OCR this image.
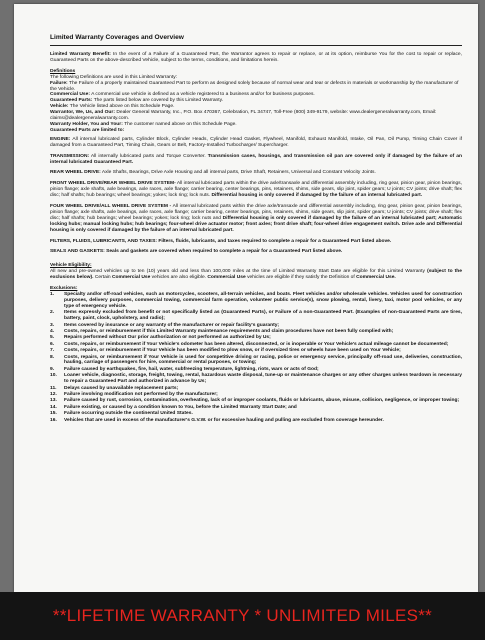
Limited Warranty Coverages and Overview

Limited Warranty Benefit: In the event of a Failure of a Guaranteed Part, the Warrantor agrees to repair or replace, or at its option, reimburse You for the cost to repair or replace, Guaranteed Parts on the above-described Vehicle, subject to the terms, conditions, and limitations herein.

Definitions
The following Definitions are used in this Limited Warranty:
Failure: The Failure of a properly maintained Guaranteed Part to perform as designed solely because of normal wear and tear or defects in materials or workmanship by the manufacturer of the Vehicle.
Commercial Use: A commercial use vehicle is defined as a vehicle registered to a business and/or for business purposes.
Guaranteed Parts: The parts listed below are covered by this Limited Warranty.
Vehicle: The Vehicle listed above on this Schedule Page.
Warrantor, We, Us, and Our: Dealer General Warranty, Inc., P.O. Box 470367, Celebration, FL 34747, Toll-Free (800) 349-9179, website: www.dealergeneralwarranty.com, Email: claims@dealergeneralwarranty.com.
Warranty Holder, You and Your: The customer named above on this Schedule Page.
Guaranteed Parts are limited to:

ENGINE: All internal lubricated parts, Cylinder Block, Cylinder Heads, Cylinder Head Gasket, Flywheel, Manifold, Exhaust Manifold, Intake, Oil Pan, Oil Pump, Timing Chain Cover if damaged from a Guaranteed Part, Timing Chain, Gears or Belt, Factory-Installed Turbocharger/ Supercharger.

TRANSMISSION: All internally lubricated parts and Torque Converter. Transmission cases, housings, and transmission oil pan are covered only if damaged by the failure of an internal lubricated Guaranteed Part.

REAR WHEEL DRIVE: Axle Shafts, Bearings, Drive Axle Housing and all internal parts, Drive Shaft, Retainers, Universal and Constant Velocity Joints.

FRONT WHEEL DRIVE/REAR WHEEL DRIVE SYSTEM- All internal lubricated parts within the drive axle/transaxle and differential assembly including, ring gear, pinion gear, pinion bearings, pinion flange; axle shafts, axle bearings, axle races, axle flange; carrier bearing, center bearings, pins, retainers, shims, side gears, slip joint, spider gears; U joints; CV joints; drive shaft; flex disc; half shafts; hub bearings; wheel bearings; yokes; lock ring; lock nuts. Differential housing is only covered if damaged by the failure of an internal lubricated part.

FOUR WHEEL DRIVE/ALL WHEEL DRIVE SYSTEM - All internal lubricated parts within the drive axle/transaxle and differential assembly including, ring gear, pinion gear, pinion bearings, pinion flange; axle shafts, axle bearings, axle races, axle flange; carrier bearing, center bearings, pins, retainers, shims, side gears, slip joint, spider gears; U joints; CV joints; drive shaft; flex disc; half shafts; hub bearings; wheel bearings; yokes; lock ring; lock nuts and Differential housing is only covered if damaged by the failure of an internal lubricated part; Automatic locking hubs; manual locking hubs; hub bearings; four-wheel drive actuator motor; front axles; front drive shaft; four-wheel drive engagement switch. Drive axle and Differential housing is only covered if damaged by the failure of an internal lubricated part.

FILTERS, FLUIDS, LUBRICANTS, AND TAXES: Filters, fluids, lubricants, and taxes required to complete a repair for a Guaranteed Part listed above.

SEALS AND GASKETS: Seals and gaskets are covered when required to complete a repair for a Guaranteed Part listed above.

Vehicle Eligibility:

All new and pre-owned vehicles up to ten (10) years old and less than 100,000 miles at the time of Limited Warranty Start Date are eligible for this Limited Warranty (subject to the exclusions below). Certain Commercial Use vehicles are also eligible. Commercial Use vehicles are eligible if they satisfy the Definition of Commercial Use.

Exclusions:
1.	Specialty and/or off-road vehicles, such as motorcycles, scooters, all-terrain vehicles, and boats. Fleet vehicles and/or wholesale vehicles. Vehicles used for construction purposes, delivery purposes, commercial towing, commercial farm operation, volunteer public service(s), snow plowing, rental, livery, taxi, motor pool vehicles, or any type of emergency vehicle.
2.	Items expressly excluded from benefit or not specifically listed as (Guaranteed Parts), or Failure of a non-Guaranteed Part. (Examples of non-Guaranteed Parts are tires, battery, paint, clock, upholstery, and radio);
3.	Items covered by insurance or any warranty of the manufacturer or repair facility's guaranty;
4.	Costs, repairs, or reimbursement if this Limited Warranty maintenance requirements and claim procedures have not been fully complied with;
5.	Repairs performed without Our prior authorization or not performed as authorized by Us;
6.	Costs, repairs, or reimbursement if Your Vehicle's odometer has been altered, disconnected, or is inoperable or Your Vehicle's actual mileage cannot be documented;
7.	Costs, repairs, or reimbursement if Your Vehicle has been modified to plow snow, or if oversized tires or wheels have been used on Your Vehicle;
8.	Costs, repairs, or reimbursement if Your Vehicle is used for competitive driving or racing, police or emergency service, principally off-road use, deliveries, construction, hauling, carriage of passengers for hire, commercial or rental purposes, or towing;
9.	Failure caused by earthquakes, fire, hail, water, subfreezing temperature, lightning, riots, wars or acts of God;
10.	Loaner vehicle, diagnostic, storage, freight, towing, rental, hazardous waste disposal, tune-up or maintenance charges or any other charges unless teardown is necessary to repair a Guaranteed Part and authorized in advance by Us;
11.	Delays caused by unavailable replacement parts;
12.	Failure involving modification not performed by the manufacturer;
13.	Failure caused by rust, corrosion, contamination, overheating, lack of or improper coolants, fluids or lubricants, abuse, misuse, collision, negligence, or improper towing;
14.	Failure existing, or caused by a condition known to You, before the Limited Warranty Start Date; and
15.	Failure occurring outside the continental United States.
16.	Vehicles that are used in excess of the manufacturer's G.V.W. or for excessive hauling and pulling are excluded from coverage hereunder.
**LIFETIME WARRANTY * UNLIMITED MILES**
